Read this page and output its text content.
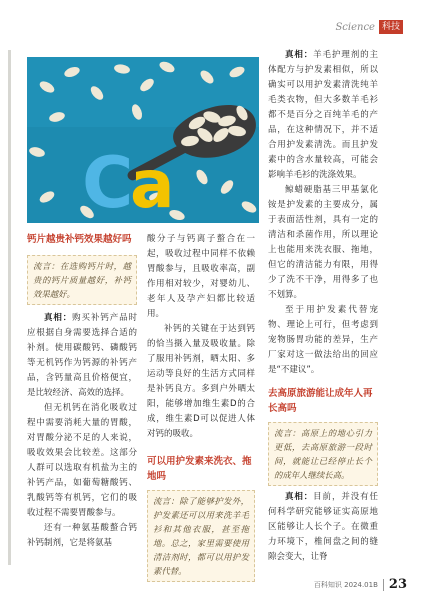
Science 科技
C
a
钙片越贵补钙效果越好吗
流言：在选购钙片时，越贵的钙片质量越好，补钙效果越好。

真相：购买补钙产品时应根据自身需要选择合适的补剂。使用碳酸钙、磷酸钙等无机钙作为钙源的补钙产品，含钙量高且价格便宜，是比较经济、高效的选择。

但无机钙在消化吸收过程中需要消耗大量的胃酸，对胃酸分泌不足的人来说，吸收效果会比较差。这部分人群可以选取有机盐为主的补钙产品，如葡萄糖酸钙、乳酸钙等有机钙，它们的吸收过程不需要胃酸参与。

还有一种氨基酸螯合钙补钙制剂，它是将氨基

酸分子与钙离子螯合在一起，吸收过程中同样不依赖胃酸参与，且吸收率高，副作用相对较少，对婴幼儿、老年人及孕产妇都比较适用。

补钙的关键在于达到钙的恰当摄入量及吸收量。除了服用补钙剂，晒太阳、多运动等良好的生活方式同样是补钙良方。多到户外晒太阳，能够增加维生素D的合成，维生素D可以促进人体对钙的吸收。

可以用护发素来洗衣、拖地吗
流言：除了能够护发外，护发素还可以用来洗羊毛衫和其他衣服，甚至拖地。总之，家里需要使用清洁剂时，都可以用护发素代替。

真相：羊毛护理剂的主体配方与护发素相似，所以确实可以用护发素清洗纯羊毛类衣物，但大多数羊毛衫都不是百分之百纯羊毛的产品，在这种情况下，并不适合用护发素清洗。而且护发素中的含水量较高，可能会影响羊毛衫的洗涤效果。

鲸蜡硬脂基三甲基氯化铵是护发素的主要成分，属于表面活性剂，具有一定的清洁和杀菌作用，所以理论上也能用来洗衣服、拖地，但它的清洁能力有限，用得少了洗不干净，用得多了也不划算。

至于用护发素代替宠物、理论上可行，但考虑到宠物肠胃功能的差异，生产厂家对这一做法给出的回应是“不建议”。

去高原旅游能让成年人再长高吗
流言：高原上的地心引力更低，去高原旅游一段时间，就能让已经停止长个的成年人继续长高。

真相：目前，并没有任何科学研究能够证实高原地区能够让人长个子。在微重力环境下，椎间盘之间的缝隙会变大，让脊

百科知识 2024.01B 23
